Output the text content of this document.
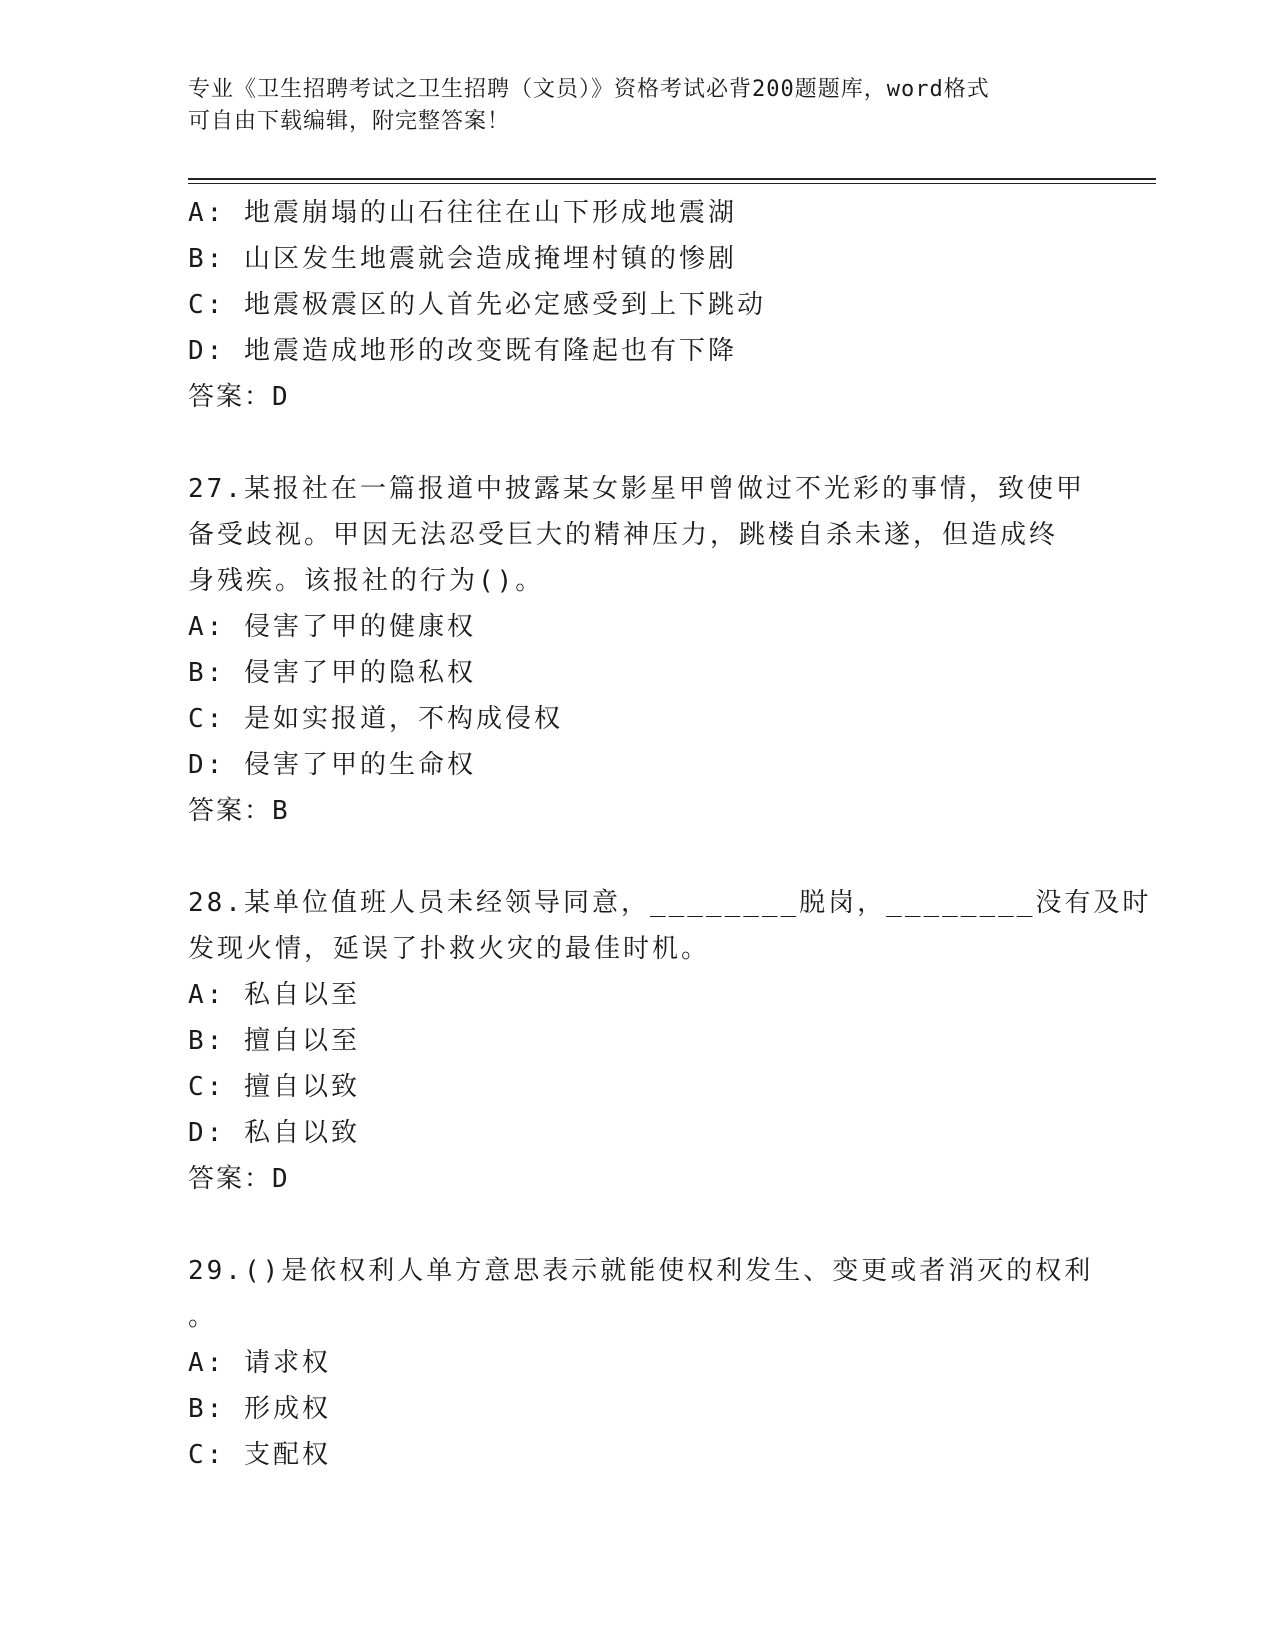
专业《卫生招聘考试之卫生招聘（文员）》资格考试必背200题题库，word格式
可自由下载编辑，附完整答案！
A: 地震崩塌的山石往往在山下形成地震湖
B: 山区发生地震就会造成掩埋村镇的惨剧
C: 地震极震区的人首先必定感受到上下跳动
D: 地震造成地形的改变既有隆起也有下降
答案：D
27.某报社在一篇报道中披露某女影星甲曾做过不光彩的事情，致使甲
备受歧视。甲因无法忍受巨大的精神压力，跳楼自杀未遂，但造成终
身残疾。该报社的行为()。
A: 侵害了甲的健康权
B: 侵害了甲的隐私权
C: 是如实报道，不构成侵权
D: 侵害了甲的生命权
答案：B
28.某单位值班人员未经领导同意，________脱岗，________没有及时
发现火情，延误了扑救火灾的最佳时机。
A: 私自以至
B: 擅自以至
C: 擅自以致
D: 私自以致
答案：D
29.()是依权利人单方意思表示就能使权利发生、变更或者消灭的权利
。
A: 请求权
B: 形成权
C: 支配权
